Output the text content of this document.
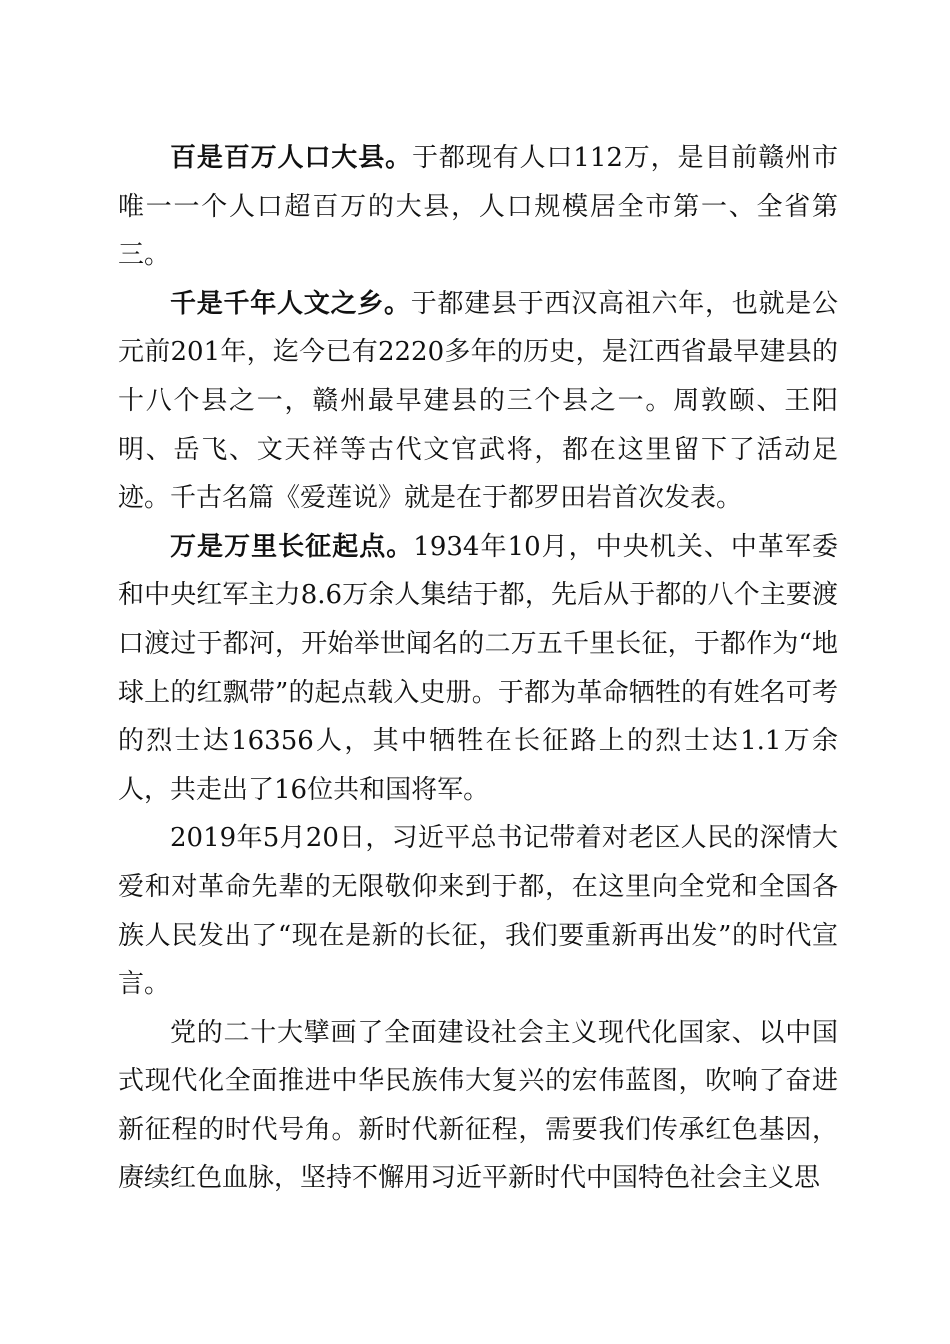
百是百万人口大县。于都现有人口112万，是目前赣州市唯一一个人口超百万的大县，人口规模居全市第一、全省第三。

千是千年人文之乡。于都建县于西汉高祖六年，也就是公元前201年，迄今已有2220多年的历史，是江西省最早建县的十八个县之一，赣州最早建县的三个县之一。周敦颐、王阳明、岳飞、文天祥等古代文官武将，都在这里留下了活动足迹。千古名篇《爱莲说》就是在于都罗田岩首次发表。

万是万里长征起点。1934年10月，中央机关、中革军委和中央红军主力8.6万余人集结于都，先后从于都的八个主要渡口渡过于都河，开始举世闻名的二万五千里长征，于都作为“地球上的红飘带”的起点载入史册。于都为革命牺牲的有姓名可考的烈士达16356人，其中牺牲在长征路上的烈士达1.1万余人，共走出了16位共和国将军。

2019年5月20日，习近平总书记带着对老区人民的深情大爱和对革命先辈的无限敬仰来到于都，在这里向全党和全国各族人民发出了“现在是新的长征，我们要重新再出发”的时代宣言。

党的二十大擘画了全面建设社会主义现代化国家、以中国式现代化全面推进中华民族伟大复兴的宏伟蓝图，吹响了奋进新征程的时代号角。新时代新征程，需要我们传承红色基因，赓续红色血脉，坚持不懈用习近平新时代中国特色社会主义思
